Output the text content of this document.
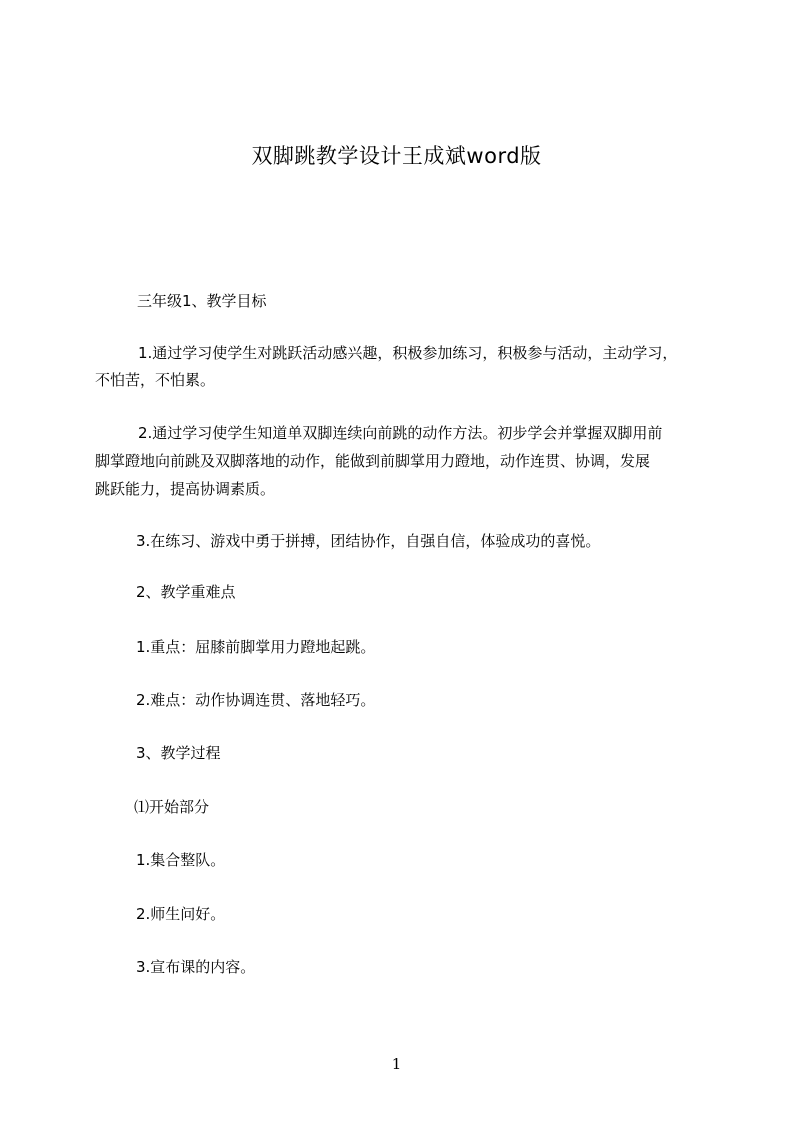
双脚跳教学设计王成斌word版
三年级1、教学目标
1.通过学习使学生对跳跃活动感兴趣，积极参加练习，积极参与活动，主动学习，
不怕苦，不怕累。
2.通过学习使学生知道单双脚连续向前跳的动作方法。初步学会并掌握双脚用前
脚掌蹬地向前跳及双脚落地的动作，能做到前脚掌用力蹬地，动作连贯、协调，发展
跳跃能力，提高协调素质。
3.在练习、游戏中勇于拼搏，团结协作，自强自信，体验成功的喜悦。
2、教学重难点
1.重点：屈膝前脚掌用力蹬地起跳。
2.难点：动作协调连贯、落地轻巧。
3、教学过程
⑴开始部分
1.集合整队。
2.师生问好。
3.宣布课的内容。
1
